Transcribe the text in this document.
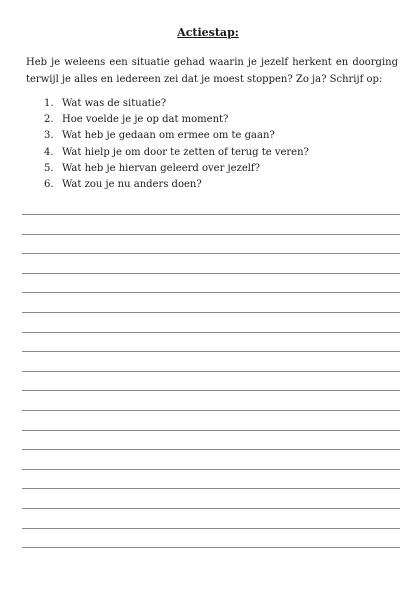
Actiestap:
Heb je weleens een situatie gehad waarin je jezelf herkent en doorging terwijl je alles en iedereen zei dat je moest stoppen? Zo ja? Schrijf op:
1. Wat was de situatie?
2. Hoe voelde je je op dat moment?
3. Wat heb je gedaan om ermee om te gaan?
4. Wat hielp je om door te zetten of terug te veren?
5. Wat heb je hiervan geleerd over jezelf?
6. Wat zou je nu anders doen?
